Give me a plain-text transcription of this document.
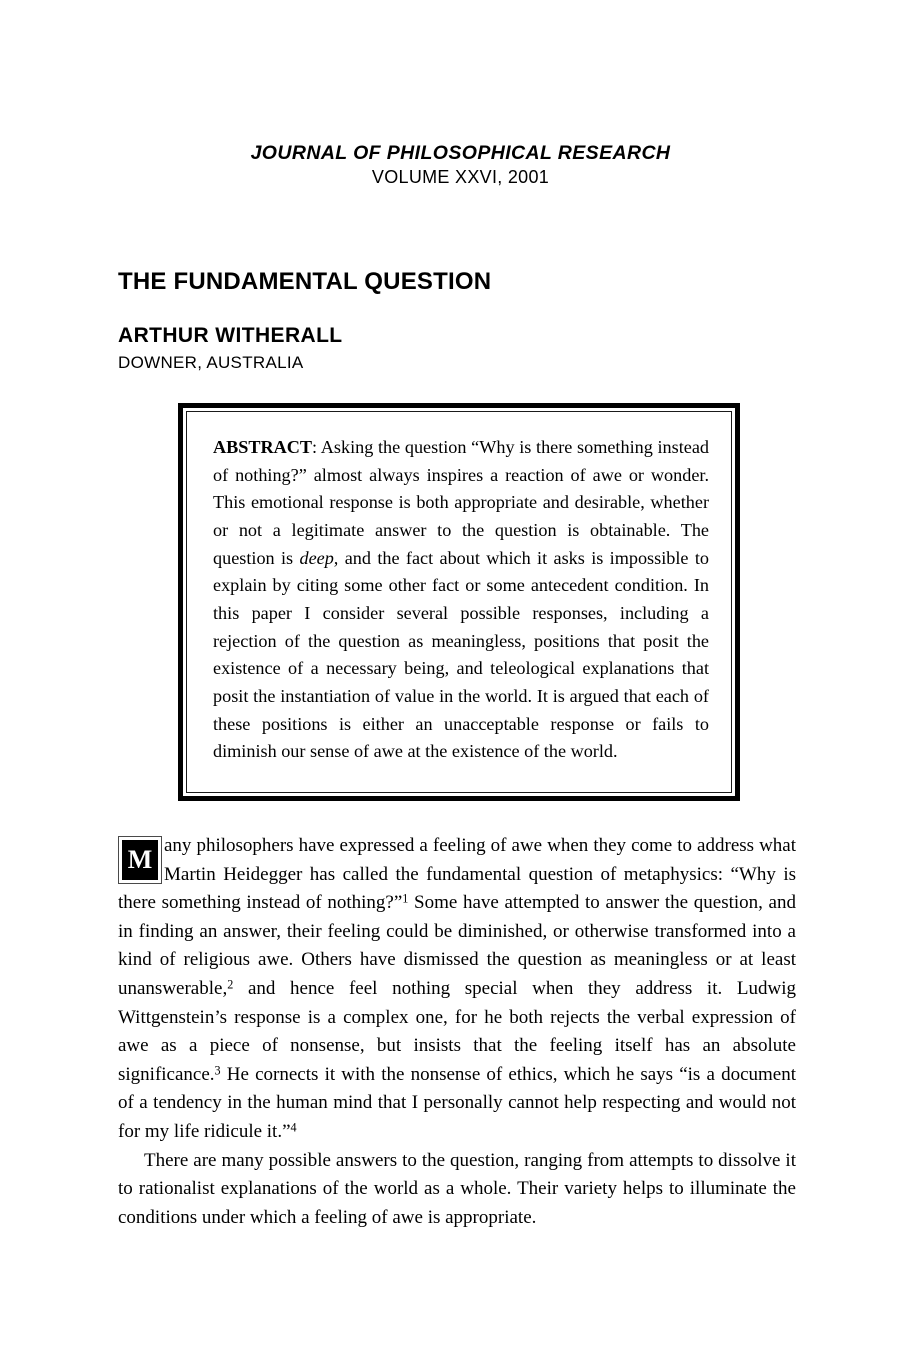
JOURNAL OF PHILOSOPHICAL RESEARCH
VOLUME XXVI, 2001
THE FUNDAMENTAL QUESTION
ARTHUR WITHERALL
DOWNER, AUSTRALIA
ABSTRACT: Asking the question “Why is there something instead of nothing?” almost always inspires a reaction of awe or wonder. This emotional response is both appropriate and desirable, whether or not a legitimate answer to the question is obtainable. The question is deep, and the fact about which it asks is impossible to explain by citing some other fact or some antecedent condition. In this paper I consider several possible responses, including a rejection of the question as meaningless, positions that posit the existence of a necessary being, and teleological explanations that posit the instantiation of value in the world. It is argued that each of these positions is either an unacceptable response or fails to diminish our sense of awe at the existence of the world.
M any philosophers have expressed a feeling of awe when they come to address what Martin Heidegger has called the fundamental question of metaphysics: “Why is there something instead of nothing?”$^1$ Some have attempted to answer the question, and in finding an answer, their feeling could be diminished, or otherwise transformed into a kind of religious awe. Others have dismissed the question as meaningless or at least unanswerable,$^2$ and hence feel nothing special when they address it. Ludwig Wittgenstein’s response is a complex one, for he both rejects the verbal expression of awe as a piece of nonsense, but insists that the feeling itself has an absolute significance.$^3$ He cornects it with the nonsense of ethics, which he says “is a document of a tendency in the human mind that I personally cannot help respecting and would not for my life ridicule it.”$^4$

There are many possible answers to the question, ranging from attempts to dissolve it to rationalist explanations of the world as a whole. Their variety helps to illuminate the conditions under which a feeling of awe is appropriate.
